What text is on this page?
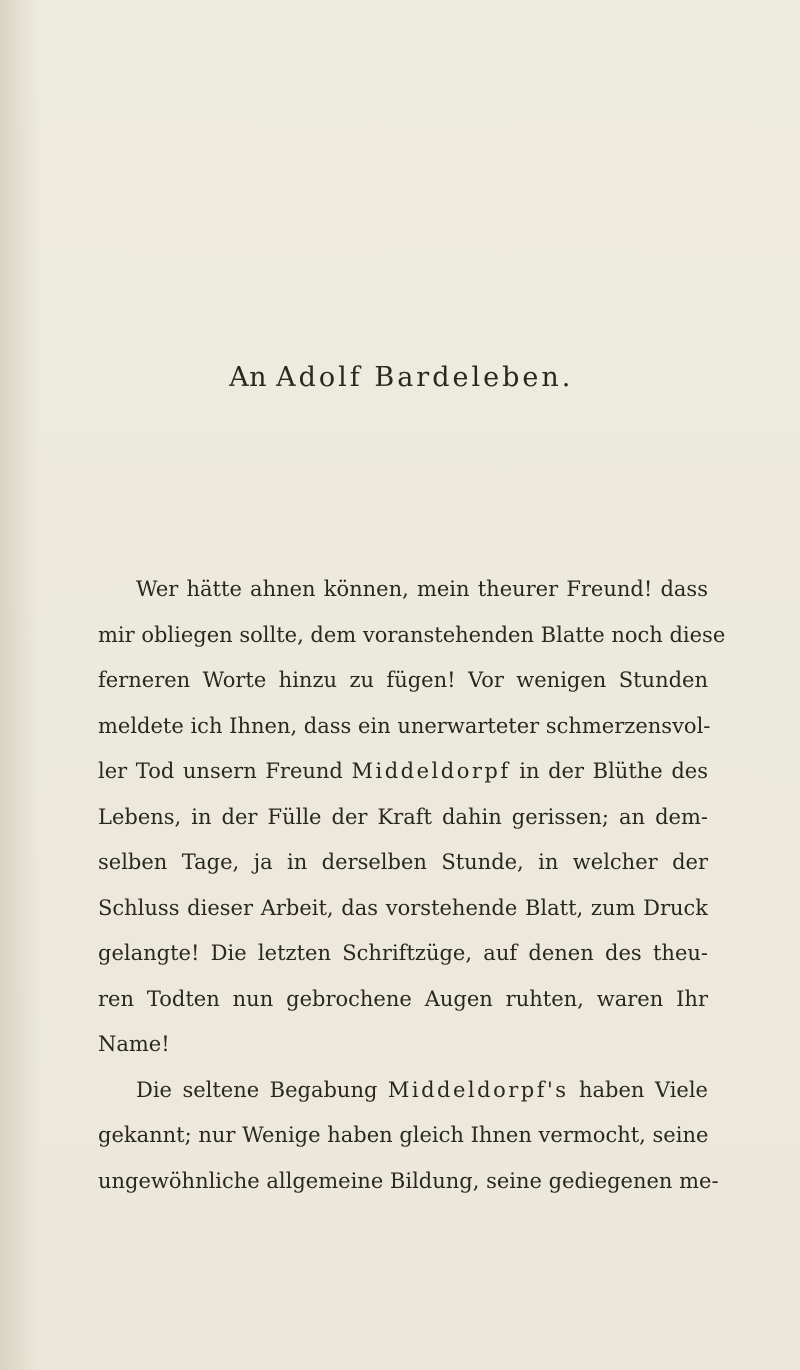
An Adolf Bardeleben.
Wer hätte ahnen können, mein theurer Freund! dass
mir obliegen sollte, dem voranstehenden Blatte noch diese
ferneren Worte hinzu zu fügen! Vor wenigen Stunden
meldete ich Ihnen, dass ein unerwarteter schmerzensvol-
ler Tod unsern Freund Middeldorpf in der Blüthe des
Lebens, in der Fülle der Kraft dahin gerissen; an dem-
selben Tage, ja in derselben Stunde, in welcher der
Schluss dieser Arbeit, das vorstehende Blatt, zum Druck
gelangte! Die letzten Schriftzüge, auf denen des theu-
ren Todten nun gebrochene Augen ruhten, waren Ihr
Name!
Die seltene Begabung Middeldorpf's haben Viele
gekannt; nur Wenige haben gleich Ihnen vermocht, seine
ungewöhnliche allgemeine Bildung, seine gediegenen me-
